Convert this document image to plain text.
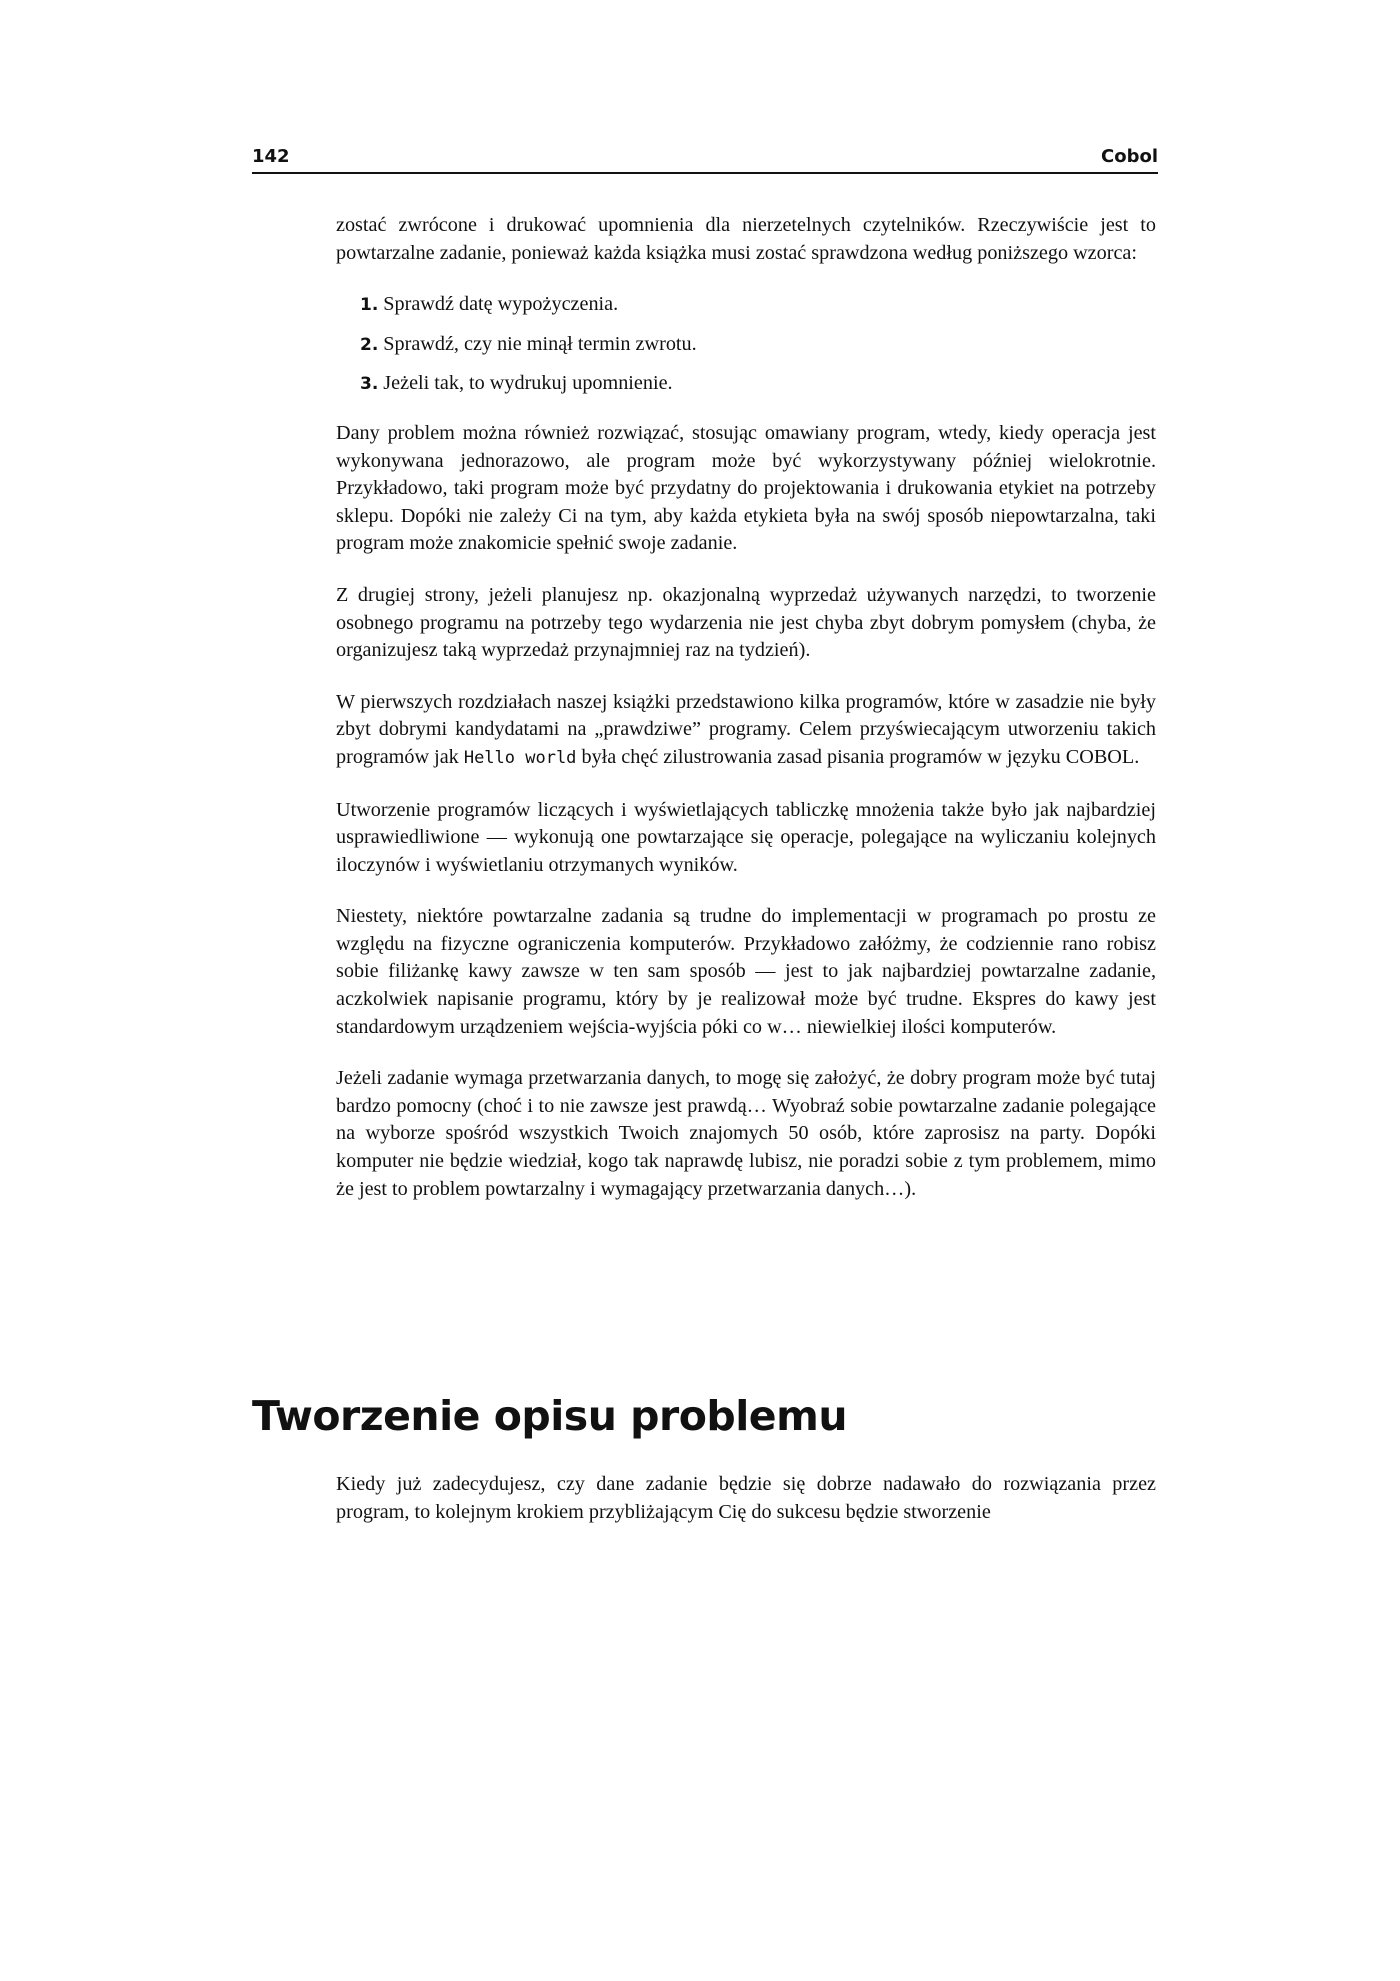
142	Cobol

zostać zwrócone i drukować upomnienia dla nierzetelnych czytelników. Rzeczywiście jest to powtarzalne zadanie, ponieważ każda książka musi zostać sprawdzona według poniższego wzorca:

1. Sprawdź datę wypożyczenia.
2. Sprawdź, czy nie minął termin zwrotu.
3. Jeżeli tak, to wydrukuj upomnienie.

Dany problem można również rozwiązać, stosując omawiany program, wtedy, kiedy operacja jest wykonywana jednorazowo, ale program może być wykorzystywany później wielokrotnie. Przykładowo, taki program może być przydatny do projektowania i drukowania etykiet na potrzeby sklepu. Dopóki nie zależy Ci na tym, aby każda etykieta była na swój sposób niepowtarzalna, taki program może znakomicie spełnić swoje zadanie.

Z drugiej strony, jeżeli planujesz np. okazjonalną wyprzedaż używanych narzędzi, to tworzenie osobnego programu na potrzeby tego wydarzenia nie jest chyba zbyt dobrym pomysłem (chyba, że organizujesz taką wyprzedaż przynajmniej raz na tydzień).

W pierwszych rozdziałach naszej książki przedstawiono kilka programów, które w zasadzie nie były zbyt dobrymi kandydatami na „prawdziwe” programy. Celem przyświecającym utworzeniu takich programów jak Hello world była chęć zilustrowania zasad pisania programów w języku COBOL.

Utworzenie programów liczących i wyświetlających tabliczkę mnożenia także było jak najbardziej usprawiedliwione — wykonują one powtarzające się operacje, polegające na wyliczaniu kolejnych iloczynów i wyświetlaniu otrzymanych wyników.

Niestety, niektóre powtarzalne zadania są trudne do implementacji w programach po prostu ze względu na fizyczne ograniczenia komputerów. Przykładowo załóżmy, że codziennie rano robisz sobie filiżankę kawy zawsze w ten sam sposób — jest to jak najbardziej powtarzalne zadanie, aczkolwiek napisanie programu, który by je realizował może być trudne. Ekspres do kawy jest standardowym urządzeniem wejścia-wyjścia póki co w… niewielkiej ilości komputerów.

Jeżeli zadanie wymaga przetwarzania danych, to mogę się założyć, że dobry program może być tutaj bardzo pomocny (choć i to nie zawsze jest prawdą… Wyobraź sobie powtarzalne zadanie polegające na wyborze spośród wszystkich Twoich znajomych 50 osób, które zaprosisz na party. Dopóki komputer nie będzie wiedział, kogo tak naprawdę lubisz, nie poradzi sobie z tym problemem, mimo że jest to problem powtarzalny i wymagający przetwarzania danych…).

Tworzenie opisu problemu

Kiedy już zadecydujesz, czy dane zadanie będzie się dobrze nadawało do rozwiązania przez program, to kolejnym krokiem przybliżającym Cię do sukcesu będzie stworzenie
